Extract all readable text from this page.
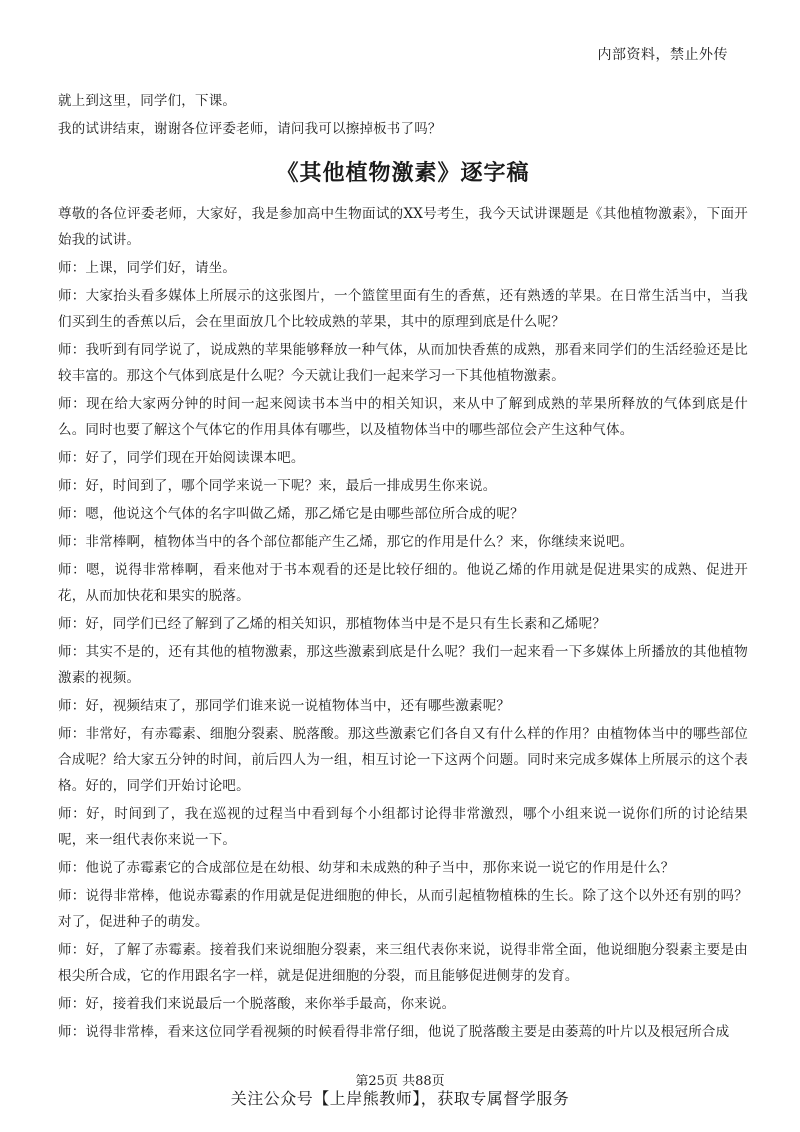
内部资料，禁止外传

就上到这里，同学们，下课。

我的试讲结束，谢谢各位评委老师，请问我可以擦掉板书了吗？

《其他植物激素》逐字稿

尊敬的各位评委老师，大家好，我是参加高中生物面试的XX号考生，我今天试讲课题是《其他植物激素》，下面开始我的试讲。

师：上课，同学们好，请坐。

师：大家抬头看多媒体上所展示的这张图片，一个篮筐里面有生的香蕉，还有熟透的苹果。在日常生活当中，当我们买到生的香蕉以后，会在里面放几个比较成熟的苹果，其中的原理到底是什么呢？

师：我听到有同学说了，说成熟的苹果能够释放一种气体，从而加快香蕉的成熟，那看来同学们的生活经验还是比较丰富的。那这个气体到底是什么呢？今天就让我们一起来学习一下其他植物激素。

师：现在给大家两分钟的时间一起来阅读书本当中的相关知识，来从中了解到成熟的苹果所释放的气体到底是什么。同时也要了解这个气体它的作用具体有哪些，以及植物体当中的哪些部位会产生这种气体。

师：好了，同学们现在开始阅读课本吧。

师：好，时间到了，哪个同学来说一下呢？来，最后一排成男生你来说。

师：嗯，他说这个气体的名字叫做乙烯，那乙烯它是由哪些部位所合成的呢？

师：非常棒啊，植物体当中的各个部位都能产生乙烯，那它的作用是什么？来，你继续来说吧。

师：嗯，说得非常棒啊，看来他对于书本观看的还是比较仔细的。他说乙烯的作用就是促进果实的成熟、促进开花，从而加快花和果实的脱落。

师：好，同学们已经了解到了乙烯的相关知识，那植物体当中是不是只有生长素和乙烯呢？

师：其实不是的，还有其他的植物激素，那这些激素到底是什么呢？我们一起来看一下多媒体上所播放的其他植物激素的视频。

师：好，视频结束了，那同学们谁来说一说植物体当中，还有哪些激素呢？

师：非常好，有赤霉素、细胞分裂素、脱落酸。那这些激素它们各自又有什么样的作用？由植物体当中的哪些部位合成呢？给大家五分钟的时间，前后四人为一组，相互讨论一下这两个问题。同时来完成多媒体上所展示的这个表格。好的，同学们开始讨论吧。

师：好，时间到了，我在巡视的过程当中看到每个小组都讨论得非常激烈，哪个小组来说一说你们所的讨论结果呢，来一组代表你来说一下。

师：他说了赤霉素它的合成部位是在幼根、幼芽和未成熟的种子当中，那你来说一说它的作用是什么？

师：说得非常棒，他说赤霉素的作用就是促进细胞的伸长，从而引起植物植株的生长。除了这个以外还有别的吗？对了，促进种子的萌发。

师：好，了解了赤霉素。接着我们来说细胞分裂素，来三组代表你来说，说得非常全面，他说细胞分裂素主要是由根尖所合成，它的作用跟名字一样，就是促进细胞的分裂，而且能够促进侧芽的发育。

师：好，接着我们来说最后一个脱落酸，来你举手最高，你来说。

师：说得非常棒，看来这位同学看视频的时候看得非常仔细，他说了脱落酸主要是由萎蔫的叶片以及根冠所合成

第25页 共88页
关注公众号【上岸熊教师】，获取专属督学服务
